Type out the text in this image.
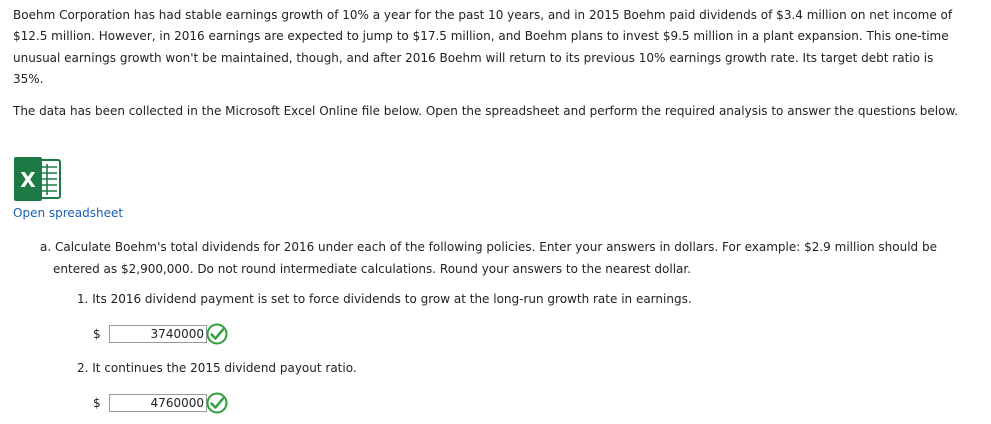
Boehm Corporation has had stable earnings growth of 10% a year for the past 10 years, and in 2015 Boehm paid dividends of $3.4 million on net income of $12.5 million. However, in 2016 earnings are expected to jump to $17.5 million, and Boehm plans to invest $9.5 million in a plant expansion. This one-time unusual earnings growth won't be maintained, though, and after 2016 Boehm will return to its previous 10% earnings growth rate. Its target debt ratio is 35%.

The data has been collected in the Microsoft Excel Online file below. Open the spreadsheet and perform the required analysis to answer the questions below.

X
Open spreadsheet
a. Calculate Boehm's total dividends for 2016 under each of the following policies. Enter your answers in dollars. For example: $2.9 million should be
entered as $2,900,000. Do not round intermediate calculations. Round your answers to the nearest dollar.
1. Its 2016 dividend payment is set to force dividends to grow at the long-run growth rate in earnings.
$
3740000
2. It continues the 2015 dividend payout ratio.
$
4760000
